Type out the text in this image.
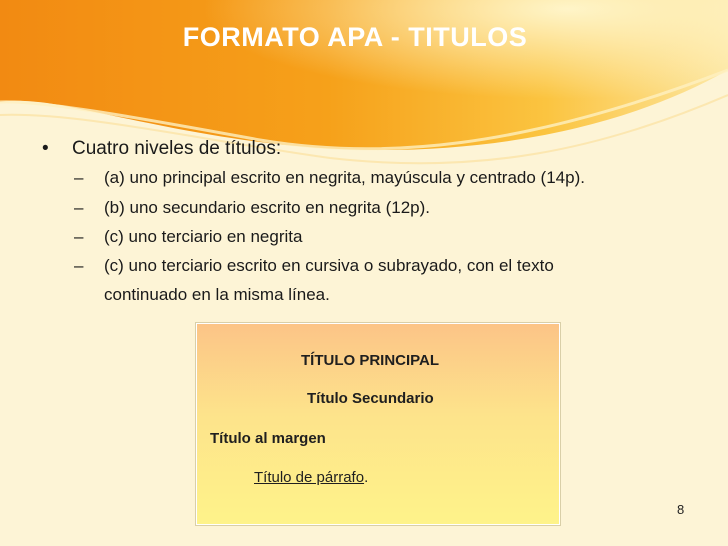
FORMATO APA - TITULOS
• Cuatro niveles de títulos:
– (a) uno principal escrito en negrita, mayúscula y centrado (14p).
– (b) uno secundario escrito en negrita (12p).
– (c) uno terciario en negrita
– (c) uno terciario escrito en cursiva o subrayado, con el texto
continuado en la misma línea.
TÍTULO PRINCIPAL
Título Secundario
Título al margen
Título de párrafo.
8
